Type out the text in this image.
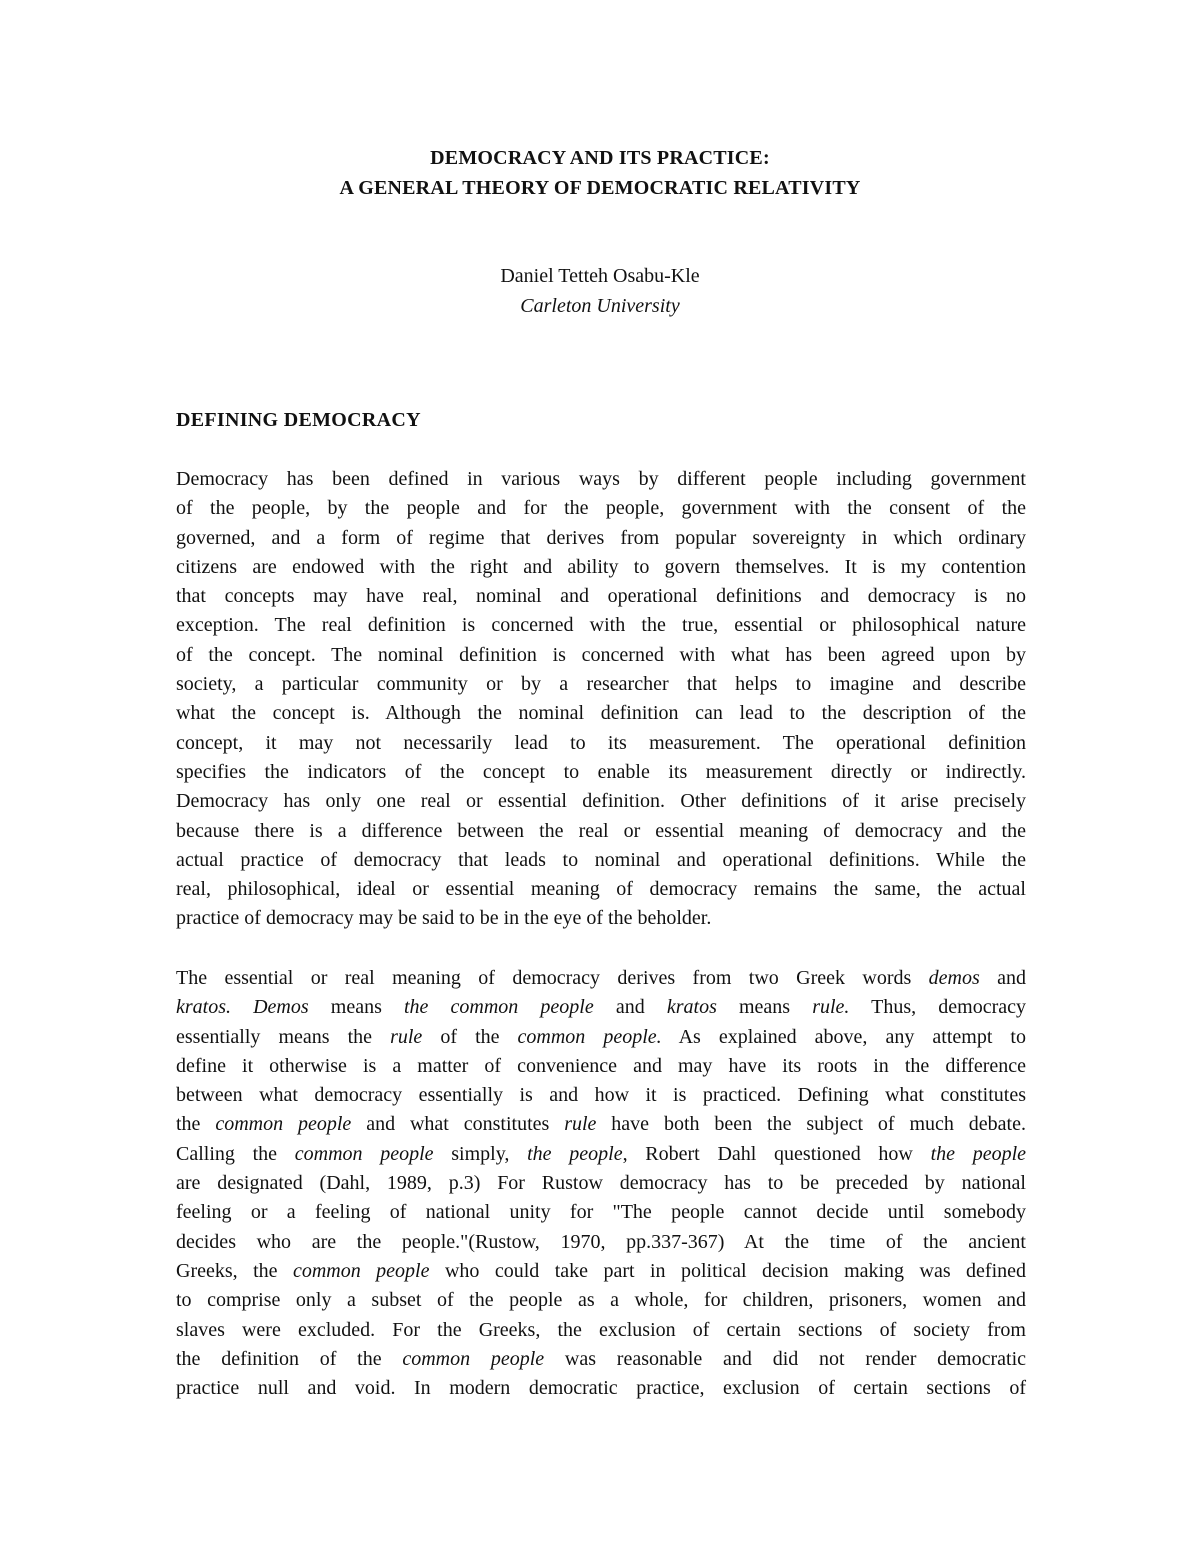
DEMOCRACY AND ITS PRACTICE:
A GENERAL THEORY OF DEMOCRATIC RELATIVITY
Daniel Tetteh Osabu-Kle
Carleton University
DEFINING DEMOCRACY
Democracy has been defined in various ways by different people including government
of the people, by the people and for the people, government with the consent of the
governed, and a form of regime that derives from popular sovereignty in which ordinary
citizens are endowed with the right and ability to govern themselves. It is my contention
that concepts may have real, nominal and operational definitions and democracy is no
exception. The real definition is concerned with the true, essential or philosophical nature
of the concept. The nominal definition is concerned with what has been agreed upon by
society, a particular community or by a researcher that helps to imagine and describe
what the concept is. Although the nominal definition can lead to the description of the
concept, it may not necessarily lead to its measurement. The operational definition
specifies the indicators of the concept to enable its measurement directly or indirectly.
Democracy has only one real or essential definition. Other definitions of it arise precisely
because there is a difference between the real or essential meaning of democracy and the
actual practice of democracy that leads to nominal and operational definitions. While the
real, philosophical, ideal or essential meaning of democracy remains the same, the actual
practice of democracy may be said to be in the eye of the beholder.
The essential or real meaning of democracy derives from two Greek words demos and
kratos. Demos means the common people and kratos means rule. Thus, democracy
essentially means the rule of the common people. As explained above, any attempt to
define it otherwise is a matter of convenience and may have its roots in the difference
between what democracy essentially is and how it is practiced. Defining what constitutes
the common people and what constitutes rule have both been the subject of much debate.
Calling the common people simply, the people, Robert Dahl questioned how the people
are designated (Dahl, 1989, p.3) For Rustow democracy has to be preceded by national
feeling or a feeling of national unity for "The people cannot decide until somebody
decides who are the people."(Rustow, 1970, pp.337-367) At the time of the ancient
Greeks, the common people who could take part in political decision making was defined
to comprise only a subset of the people as a whole, for children, prisoners, women and
slaves were excluded. For the Greeks, the exclusion of certain sections of society from
the definition of the common people was reasonable and did not render democratic
practice null and void. In modern democratic practice, exclusion of certain sections of
